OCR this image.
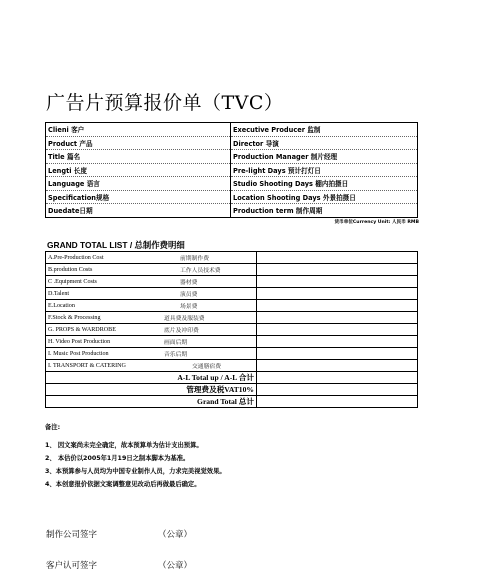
广告片预算报价单（TVC）
Clieni 客户	Executive Producer 监制
Product 产品	Director 导演
Title 篇名	Production Manager 制片经理
Lengti 长度	Pre-light Days 预计打灯日
Language 语言	Studio Shooting Days 棚内拍摄日
Specification规格	Location Shooting Days 外景拍摄日
Duedate日期	Production term 制作周期
货币单位Currency Unit: 人民币 RMB
GRAND TOTAL LIST / 总制作费明细
A.Pre-Production Cost	前期制作费	
B.prodution Costs	工作人员技术费	
C .Equipment Costs	器材费	
D.Talent	演员费	
E.Location	场景费	
F.Stock & Processing	道具费及服装费	
G. PROPS & WARDROBE	底片及冲印费	
H. Video Post Production	画面后期	
I. Music Post Production	音乐后期	
I. TRANSPORT & CATERING	交通膳宿费	
A-L Total up / A-L 合计		
管理费及税VAT10%		
Grand Total 总计		
备注:
1、 因文案尚未完全确定，故本预算单为估计支出预算。
2、 本估价以2005年1月19日之制本脚本为基准。
3、本预算参与人员均为中国专业制作人员，力求完美视觉效果。
4、本创意报价依据文案调整意见改动后再做最后确定。
制作公司签字	（公章）
客户认可签字	（公章）
